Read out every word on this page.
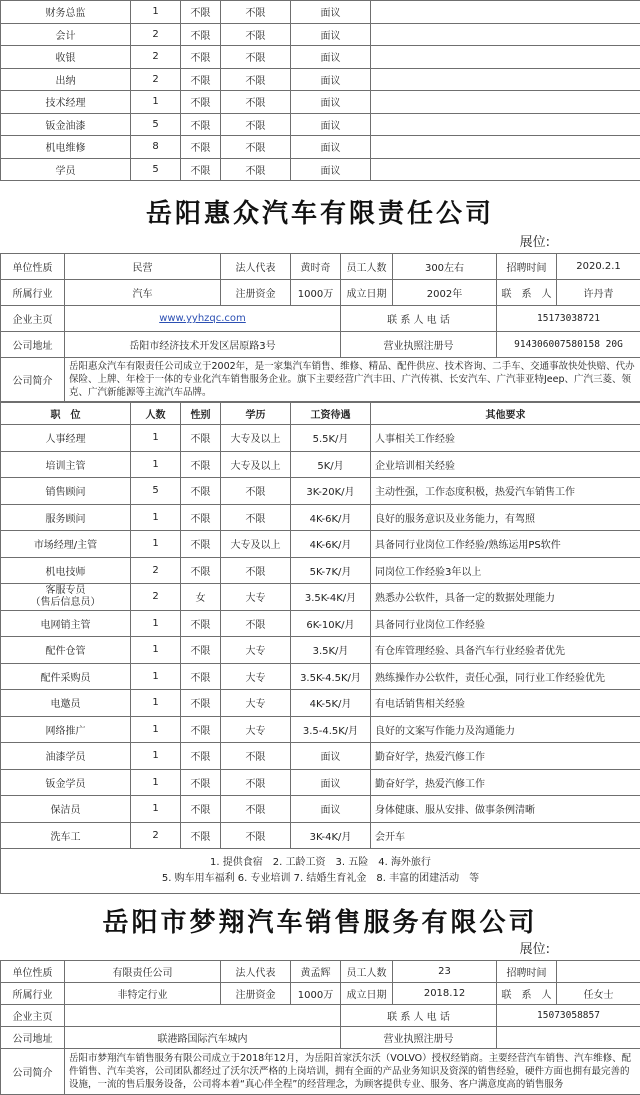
财务总监	1	不限	不限	面议	
会计	2	不限	不限	面议	
收银	2	不限	不限	面议	
出纳	2	不限	不限	面议	
技术经理	1	不限	不限	面议	
钣金油漆	5	不限	不限	面议	
机电维修	8	不限	不限	面议	
学员	5	不限	不限	面议	
岳阳惠众汽车有限责任公司
展位:
单位性质	民营	法人代表	黄时奇	员工人数	300左右	招聘时间	2020.2.1
所属行业	汽车	注册资金	1000万	成立日期	2002年	联　系　人	许丹青
企业主页	www.yyhzqc.com			联 系 人 电 话		15173038721	
公司地址	岳阳市经济技术开发区居原路3号			营业执照注册号		914306007580158 20G	
公司简介	岳阳惠众汽车有限责任公司成立于2002年，是一家集汽车销售、维修、精品、配件供应、技术咨询、二手车、交通事故快处快赔、代办保险、上牌、年检于一体的专业化汽车销售服务企业。旗下主要经营广汽丰田、广汽传祺、长安汽车、广汽菲亚特Jeep、广汽三菱、领克、广汽新能源等主流汽车品牌。						
职　位	人数	性别	学历	工资待遇	其他要求
人事经理	1	不限	大专及以上	5.5K/月	人事相关工作经验
培训主管	1	不限	大专及以上	5K/月	企业培训相关经验
销售顾问	5	不限	不限	3K-20K/月	主动性强，工作态度积极，热爱汽车销售工作
服务顾问	1	不限	不限	4K-6K/月	良好的服务意识及业务能力，有驾照
市场经理/主管	1	不限	大专及以上	4K-6K/月	具备同行业岗位工作经验/熟练运用PS软件
机电技师	2	不限	不限	5K-7K/月	同岗位工作经验3年以上
客服专员
（售后信息员）	2	女	大专	3.5K-4K/月	熟悉办公软件，具备一定的数据处理能力
电网销主管	1	不限	不限	6K-10K/月	具备同行业岗位工作经验
配件仓管	1	不限	大专	3.5K/月	有仓库管理经验、具备汽车行业经验者优先
配件采购员	1	不限	大专	3.5K-4.5K/月	熟练操作办公软件，责任心强，同行业工作经验优先
电邀员	1	不限	大专	4K-5K/月	有电话销售相关经验
网络推广	1	不限	大专	3.5-4.5K/月	良好的文案写作能力及沟通能力
油漆学员	1	不限	不限	面议	勤奋好学，热爱汽修工作
钣金学员	1	不限	不限	面议	勤奋好学，热爱汽修工作
保洁员	1	不限	不限	面议	身体健康、服从安排、做事条例清晰
洗车工	2	不限	不限	3K-4K/月	会开车

1. 提供食宿　2. 工龄工资　3. 五险　4. 海外旅行
5. 购车用车福利 6. 专业培训 7. 结婚生育礼金　8. 丰富的团建活动　等					
岳阳市梦翔汽车销售服务有限公司
展位:
单位性质	有限责任公司	法人代表	黄孟辉	员工人数	23	招聘时间	
所属行业	非特定行业	注册资金	1000万	成立日期	2018.12	联　系　人	任女士
企业主页				联 系 人 电 话		15073058857	
公司地址	联港路国际汽车城内			营业执照注册号			
公司简介	岳阳市梦翔汽车销售服务有限公司成立于2018年12月，为岳阳首家沃尔沃（VOLVO）授权经销商。主要经营汽车销售、汽车维修、配件销售、汽车美容，公司团队都经过了沃尔沃严格的上岗培训，拥有全面的产品业务知识及资深的销售经验，硬件方面也拥有最完善的设施，一流的售后服务设备，公司将本着“真心伴全程”的经营理念，为顾客提供专业、服务、客户满意度高的销售服务						
